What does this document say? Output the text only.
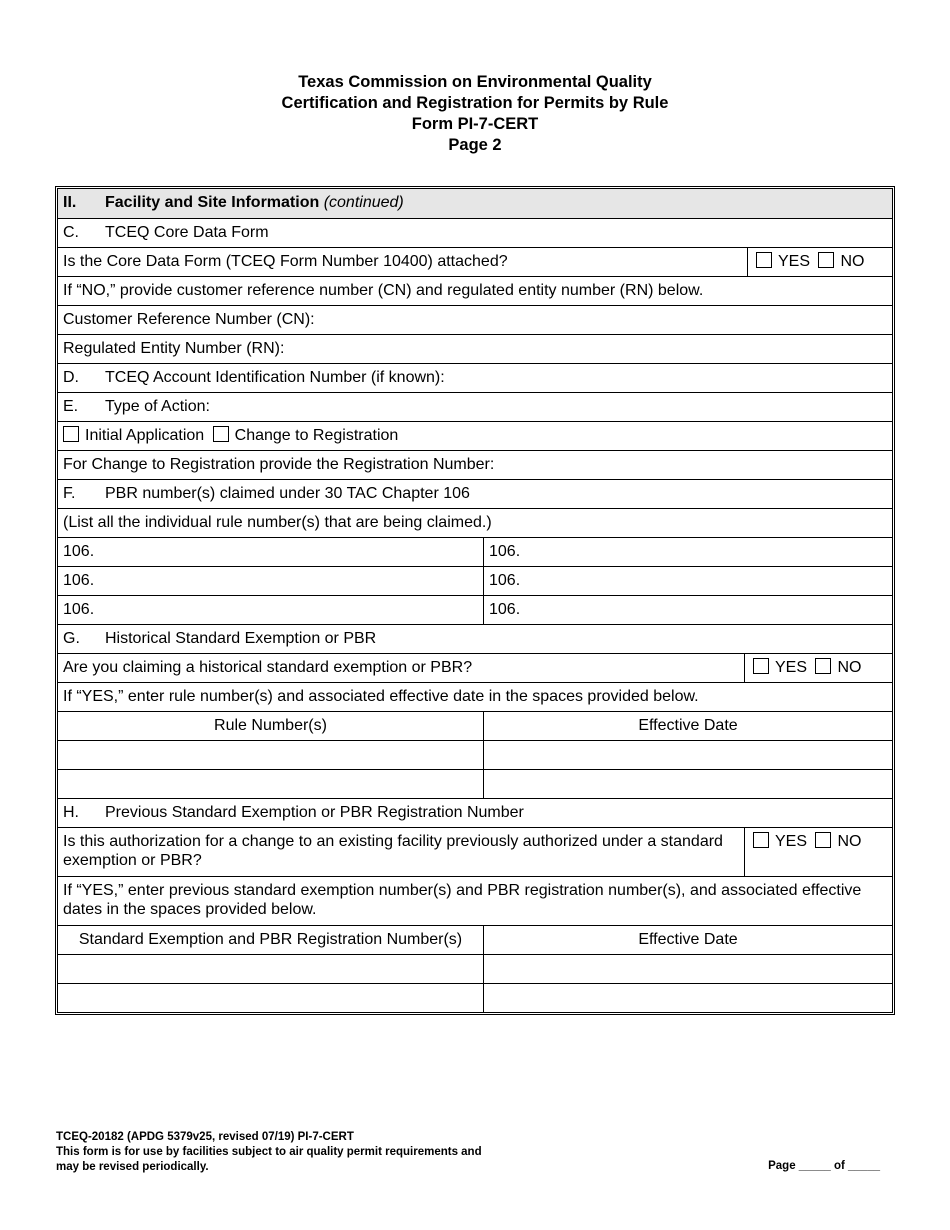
Texas Commission on Environmental Quality
Certification and Registration for Permits by Rule
Form PI-7-CERT
Page 2
II. Facility and Site Information (continued)
C. TCEQ Core Data Form
Is the Core Data Form (TCEQ Form Number 10400) attached?	YES NO
If “NO,” provide customer reference number (CN) and regulated entity number (RN) below.
Customer Reference Number (CN):
Regulated Entity Number (RN):
D. TCEQ Account Identification Number (if known):
E. Type of Action:
Initial Application Change to Registration
For Change to Registration provide the Registration Number:
F. PBR number(s) claimed under 30 TAC Chapter 106
(List all the individual rule number(s) that are being claimed.)
106.	106.
106.	106.
106.	106.
G. Historical Standard Exemption or PBR
Are you claiming a historical standard exemption or PBR?	YES NO
If “YES,” enter rule number(s) and associated effective date in the spaces provided below.
Rule Number(s)	Effective Date
H. Previous Standard Exemption or PBR Registration Number
Is this authorization for a change to an existing facility previously authorized under a standard exemption or PBR?
YES NO
If “YES,” enter previous standard exemption number(s) and PBR registration number(s), and associated effective dates in the spaces provided below.
Standard Exemption and PBR Registration Number(s)	Effective Date
TCEQ-20182 (APDG 5379v25, revised 07/19) PI-7-CERT
This form is for use by facilities subject to air quality permit requirements and
may be revised periodically.	Page _____ of _____
